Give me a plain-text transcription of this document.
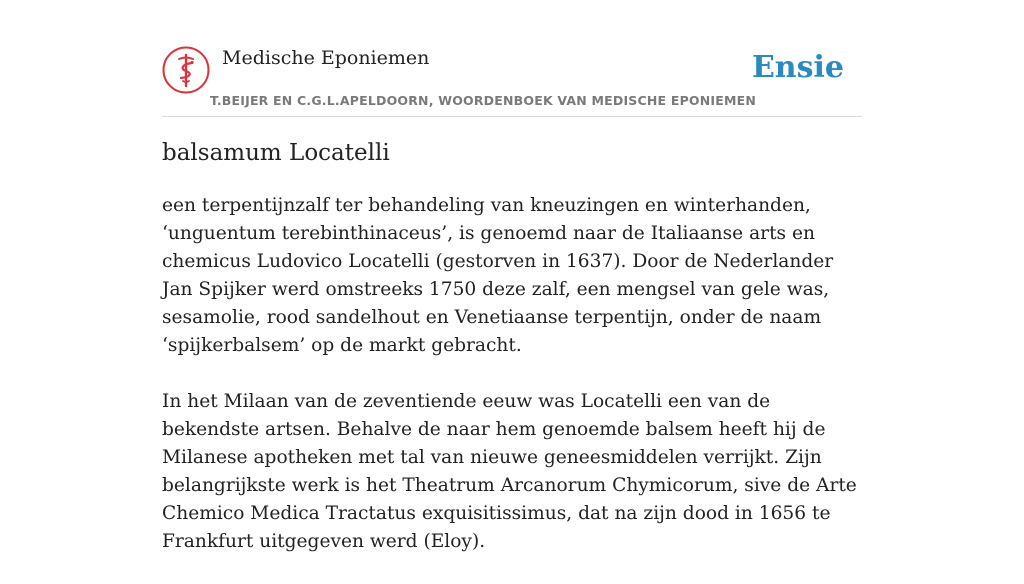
Medische Eponiemen
T.BEIJER EN C.G.L.APELDOORN, WOORDENBOEK VAN MEDISCHE EPONIEMEN
Ensie
balsamum Locatelli

een terpentijnzalf ter behandeling van kneuzingen en winterhanden, ‘unguentum terebinthinaceus’, is genoemd naar de Italiaanse arts en chemicus Ludovico Locatelli (gestorven in 1637). Door de Nederlander Jan Spijker werd omstreeks 1750 deze zalf, een mengsel van gele was, sesamolie, rood sandelhout en Venetiaanse terpentijn, onder de naam ‘spijkerbalsem’ op de markt gebracht.

In het Milaan van de zeventiende eeuw was Locatelli een van de bekendste artsen. Behalve de naar hem genoemde balsem heeft hij de Milanese apotheken met tal van nieuwe geneesmiddelen verrijkt. Zijn belangrijkste werk is het Theatrum Arcanorum Chymicorum, sive de Arte Chemico Medica Tractatus exquisitissimus, dat na zijn dood in 1656 te Frankfurt uitgegeven werd (Eloy).
